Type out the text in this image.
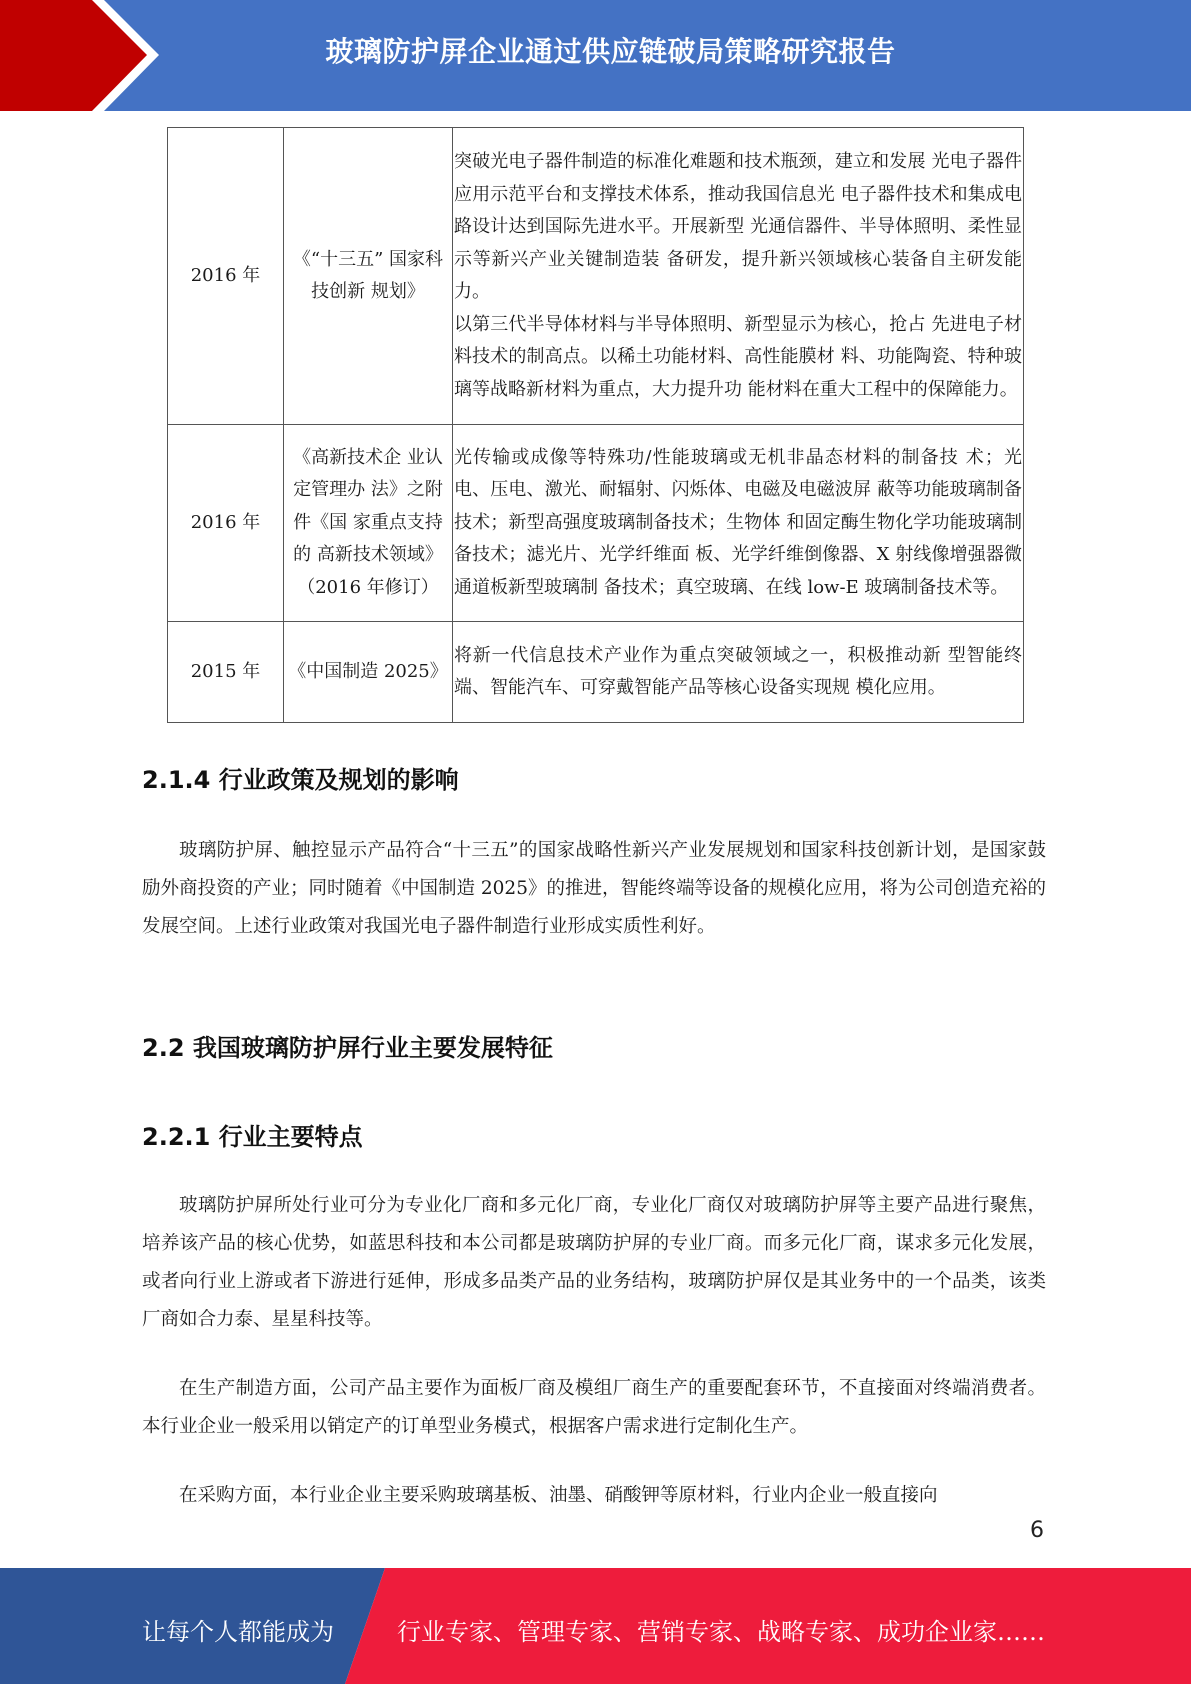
玻璃防护屏企业通过供应链破局策略研究报告
2016 年	《“十三五” 国家科技创新 规划》	突破光电子器件制造的标准化难题和技术瓶颈，建立和发展 光电子器件应用示范平台和支撑技术体系，推动我国信息光 电子器件技术和集成电路设计达到国际先进水平。开展新型 光通信器件、半导体照明、柔性显示等新兴产业关键制造装 备研发，提升新兴领域核心装备自主研发能力。
以第三代半导体材料与半导体照明、新型显示为核心，抢占 先进电子材料技术的制高点。以稀土功能材料、高性能膜材 料、功能陶瓷、特种玻璃等战略新材料为重点，大力提升功 能材料在重大工程中的保障能力。

2016 年	《高新技术企 业认定管理办 法》之附件《国 家重点支持的 高新技术领域》（2016 年修订）	光传输或成像等特殊功/性能玻璃或无机非晶态材料的制备技 术；光电、压电、激光、耐辐射、闪烁体、电磁及电磁波屏 蔽等功能玻璃制备技术；新型高强度玻璃制备技术；生物体 和固定酶生物化学功能玻璃制备技术；滤光片、光学纤维面 板、光学纤维倒像器、X 射线像增强器微通道板新型玻璃制 备技术；真空玻璃、在线 low-E 玻璃制备技术等。

2015 年	《中国制造 2025》	将新一代信息技术产业作为重点突破领域之一，积极推动新 型智能终端、智能汽车、可穿戴智能产品等核心设备实现规 模化应用。
2.1.4 行业政策及规划的影响

玻璃防护屏、触控显示产品符合“十三五”的国家战略性新兴产业发展规划和国家科技创新计划，是国家鼓励外商投资的产业；同时随着《中国制造 2025》的推进，智能终端等设备的规模化应用，将为公司创造充裕的发展空间。上述行业政策对我国光电子器件制造行业形成实质性利好。

2.2 我国玻璃防护屏行业主要发展特征
2.2.1 行业主要特点

玻璃防护屏所处行业可分为专业化厂商和多元化厂商，专业化厂商仅对玻璃防护屏等主要产品进行聚焦，培养该产品的核心优势，如蓝思科技和本公司都是玻璃防护屏的专业厂商。而多元化厂商，谋求多元化发展，或者向行业上游或者下游进行延伸，形成多品类产品的业务结构，玻璃防护屏仅是其业务中的一个品类，该类厂商如合力泰、星星科技等。

在生产制造方面，公司产品主要作为面板厂商及模组厂商生产的重要配套环节，不直接面对终端消费者。本行业企业一般采用以销定产的订单型业务模式，根据客户需求进行定制化生产。

在采购方面，本行业企业主要采购玻璃基板、油墨、硝酸钾等原材料，行业内企业一般直接向

6
让每个人都能成为	行业专家、管理专家、营销专家、战略专家、成功企业家……
